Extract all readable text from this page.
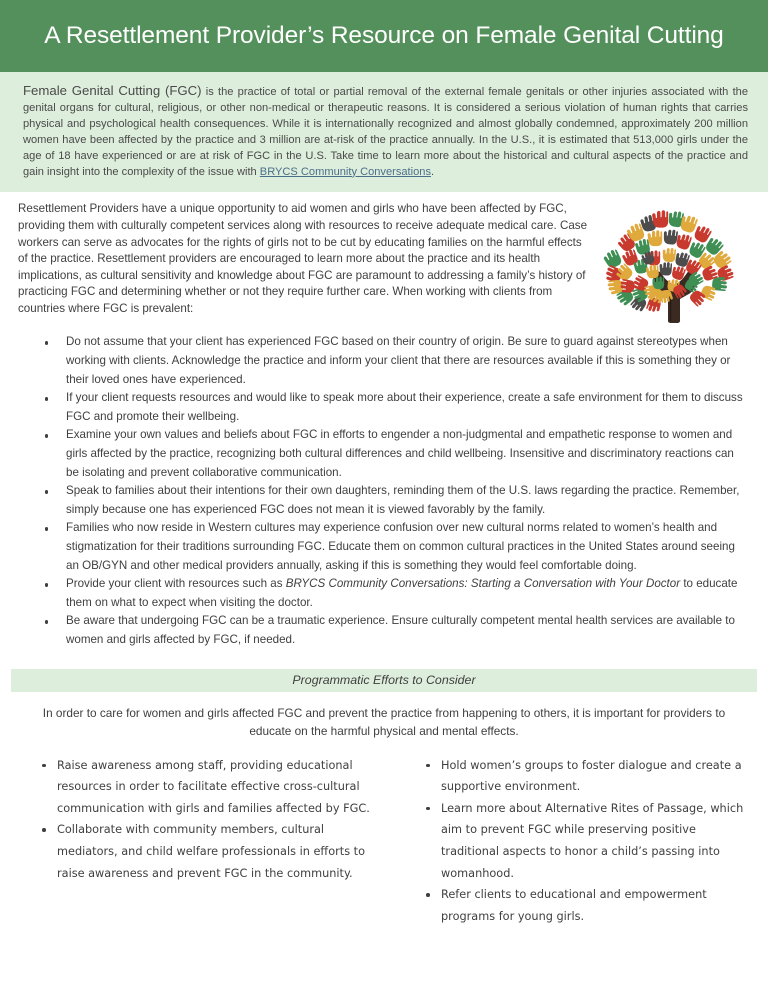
A Resettlement Provider’s Resource on Female Genital Cutting

Female Genital Cutting (FGC) is the practice of total or partial removal of the external female genitals or other injuries associated with the genital organs for cultural, religious, or other non-medical or therapeutic reasons. It is considered a serious violation of human rights that carries physical and psychological health consequences. While it is internationally recognized and almost globally condemned, approximately 200 million women have been affected by the practice and 3 million are at-risk of the practice annually. In the U.S., it is estimated that 513,000 girls under the age of 18 have experienced or are at risk of FGC in the U.S. Take time to learn more about the historical and cultural aspects of the practice and gain insight into the complexity of the issue with BRYCS Community Conversations.

Resettlement Providers have a unique opportunity to aid women and girls who have been affected by FGC, providing them with culturally competent services along with resources to receive adequate medical care. Case workers can serve as advocates for the rights of girls not to be cut by educating families on the harmful effects of the practice. Resettlement providers are encouraged to learn more about the practice and its health implications, as cultural sensitivity and knowledge about FGC are paramount to addressing a family’s history of practicing FGC and determining whether or not they require further care. When working with clients from countries where FGC is prevalent:

Do not assume that your client has experienced FGC based on their country of origin. Be sure to guard against stereotypes when working with clients. Acknowledge the practice and inform your client that there are resources available if this is something they or their loved ones have experienced.
If your client requests resources and would like to speak more about their experience, create a safe environment for them to discuss FGC and promote their wellbeing.
Examine your own values and beliefs about FGC in efforts to engender a non-judgmental and empathetic response to women and girls affected by the practice, recognizing both cultural differences and child wellbeing. Insensitive and discriminatory reactions can be isolating and prevent collaborative communication.
Speak to families about their intentions for their own daughters, reminding them of the U.S. laws regarding the practice. Remember, simply because one has experienced FGC does not mean it is viewed favorably by the family.
Families who now reside in Western cultures may experience confusion over new cultural norms related to women’s health and stigmatization for their traditions surrounding FGC. Educate them on common cultural practices in the United States around seeing an OB/GYN and other medical providers annually, asking if this is something they would feel comfortable doing.
Provide your client with resources such as BRYCS Community Conversations: Starting a Conversation with Your Doctor to educate them on what to expect when visiting the doctor.
Be aware that undergoing FGC can be a traumatic experience. Ensure culturally competent mental health services are available to women and girls affected by FGC, if needed.
Programmatic Efforts to Consider

In order to care for women and girls affected FGC and prevent the practice from happening to others, it is important for providers to educate on the harmful physical and mental effects.

Raise awareness among staff, providing educational resources in order to facilitate effective cross-cultural communication with girls and families affected by FGC.
Collaborate with community members, cultural mediators, and child welfare professionals in efforts to raise awareness and prevent FGC in the community.
Hold women’s groups to foster dialogue and create a supportive environment.
Learn more about Alternative Rites of Passage, which aim to prevent FGC while preserving positive traditional aspects to honor a child’s passing into womanhood.
Refer clients to educational and empowerment programs for young girls.
